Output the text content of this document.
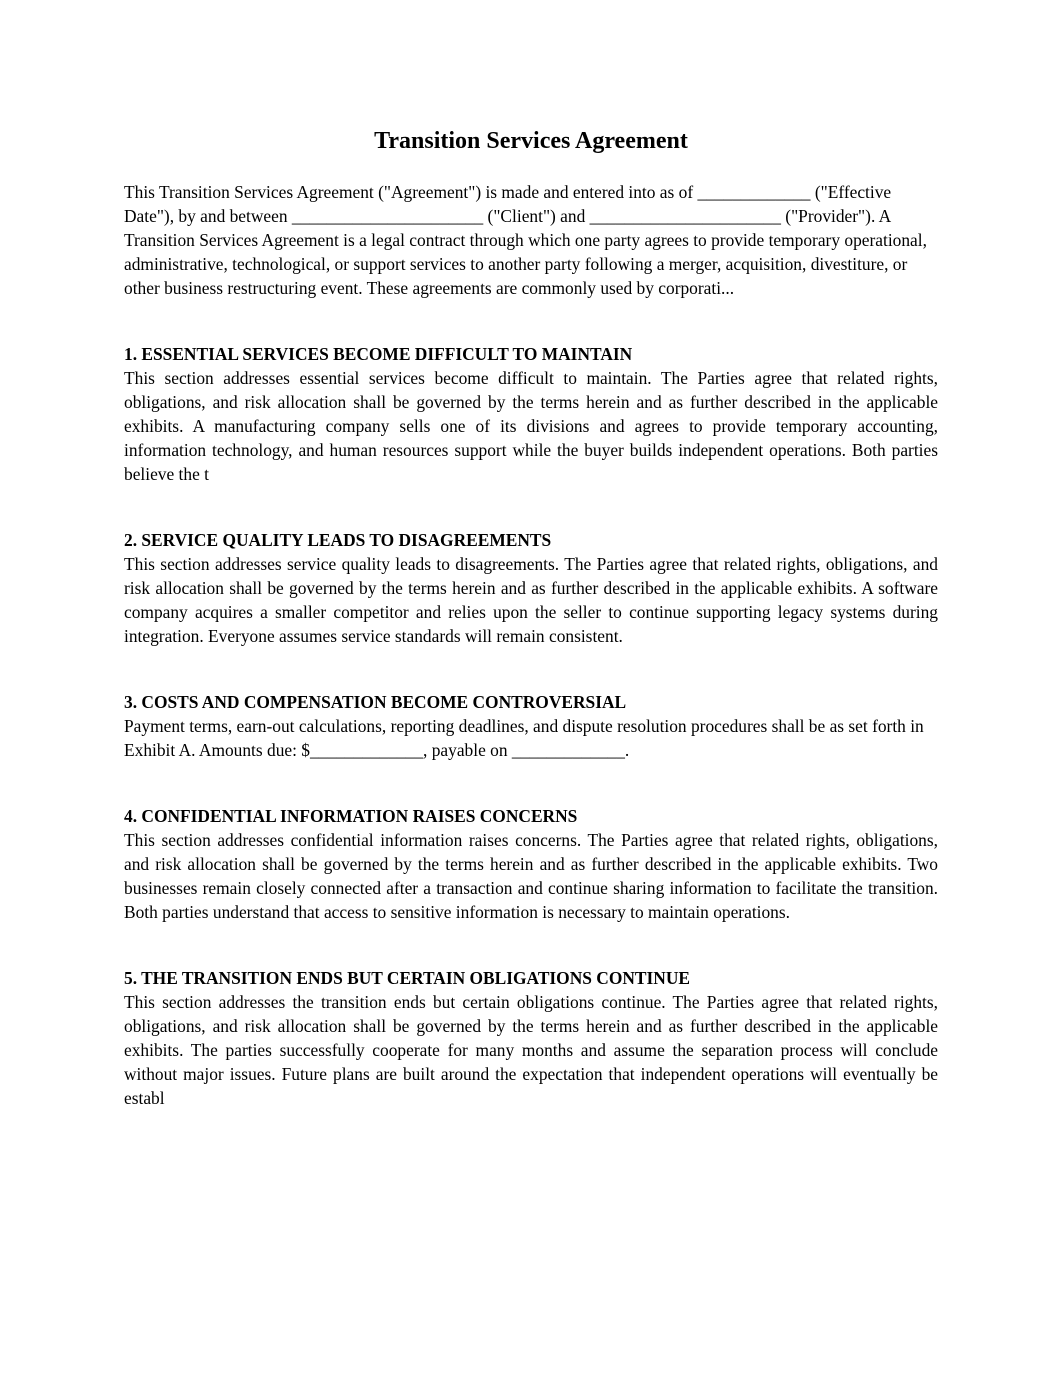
Transition Services Agreement

This Transition Services Agreement ("Agreement") is made and entered into as of _____________ ("Effective Date"), by and between ______________________ ("Client") and ______________________ ("Provider"). A Transition Services Agreement is a legal contract through which one party agrees to provide temporary operational, administrative, technological, or support services to another party following a merger, acquisition, divestiture, or other business restructuring event. These agreements are commonly used by corporati...

1. ESSENTIAL SERVICES BECOME DIFFICULT TO MAINTAIN

This section addresses essential services become difficult to maintain. The Parties agree that related rights, obligations, and risk allocation shall be governed by the terms herein and as further described in the applicable exhibits. A manufacturing company sells one of its divisions and agrees to provide temporary accounting, information technology, and human resources support while the buyer builds independent operations. Both parties believe the t

2. SERVICE QUALITY LEADS TO DISAGREEMENTS

This section addresses service quality leads to disagreements. The Parties agree that related rights, obligations, and risk allocation shall be governed by the terms herein and as further described in the applicable exhibits. A software company acquires a smaller competitor and relies upon the seller to continue supporting legacy systems during integration. Everyone assumes service standards will remain consistent.

3. COSTS AND COMPENSATION BECOME CONTROVERSIAL

Payment terms, earn-out calculations, reporting deadlines, and dispute resolution procedures shall be as set forth in Exhibit A. Amounts due: $_____________, payable on _____________.

4. CONFIDENTIAL INFORMATION RAISES CONCERNS

This section addresses confidential information raises concerns. The Parties agree that related rights, obligations, and risk allocation shall be governed by the terms herein and as further described in the applicable exhibits. Two businesses remain closely connected after a transaction and continue sharing information to facilitate the transition. Both parties understand that access to sensitive information is necessary to maintain operations.

5. THE TRANSITION ENDS BUT CERTAIN OBLIGATIONS CONTINUE

This section addresses the transition ends but certain obligations continue. The Parties agree that related rights, obligations, and risk allocation shall be governed by the terms herein and as further described in the applicable exhibits. The parties successfully cooperate for many months and assume the separation process will conclude without major issues. Future plans are built around the expectation that independent operations will eventually be establ
